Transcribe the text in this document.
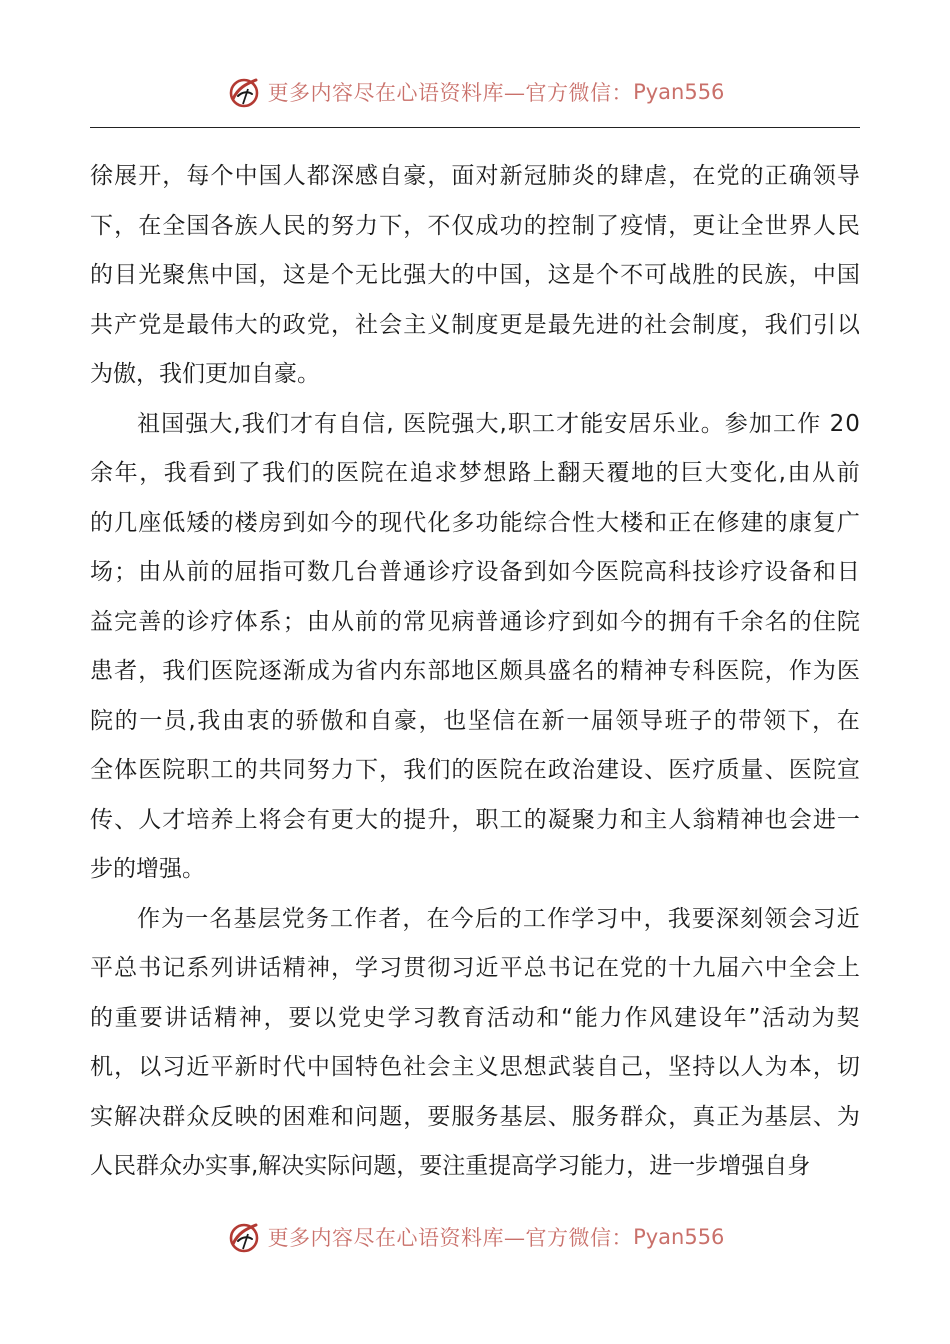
更多内容尽在心语资料库—官方微信： Pyan556
徐 展 开 ， 每 个 中 国 人 都 深 感 自 豪 ， 面 对 新 冠 肺 炎 的 肆 虐 ， 在 党 的 正 确 领 导
下 ， 在 全 国 各 族 人 民 的 努 力 下 ， 不 仅 成 功 的 控 制 了 疫 情 ， 更 让 全 世 界 人 民
的 目 光 聚 焦 中 国 ， 这 是 个 无 比 强 大 的 中 国 ， 这 是 个 不 可 战 胜 的 民 族 ， 中 国
共 产 党 是 最 伟 大 的 政 党 ， 社 会 主 义 制 度 更 是 最 先 进 的 社 会 制 度 ， 我 们 引 以
为傲，我们更加自豪。
祖 国 强 大 , 我 们 才 有 自 信 ,
医 院 强 大 , 职 工 才 能 安 居 乐 业 。 参 加 工 作
2 0
余 年 ， 我 看 到 了 我 们 的 医 院 在 追 求 梦 想 路 上 翻 天 覆 地 的 巨 大 变 化 , 由 从 前
的 几 座 低 矮 的 楼 房 到 如 今 的 现 代 化 多 功 能 综 合 性 大 楼 和 正 在 修 建 的 康 复 广
场 ； 由 从 前 的 屈 指 可 数 几 台 普 通 诊 疗 设 备 到 如 今 医 院 高 科 技 诊 疗 设 备 和 日
益 完 善 的 诊 疗 体 系 ； 由 从 前 的 常 见 病 普 通 诊 疗 到 如 今 的 拥 有 千 余 名 的 住 院
患 者 ， 我 们 医 院 逐 渐 成 为 省 内 东 部 地 区 颇 具 盛 名 的 精 神 专 科 医 院 ， 作 为 医
院 的 一 员 , 我 由 衷 的 骄 傲 和 自 豪 ， 也 坚 信 在 新 一 届 领 导 班 子 的 带 领 下 ， 在
全 体 医 院 职 工 的 共 同 努 力 下 ， 我 们 的 医 院 在 政 治 建 设 、 医 疗 质 量 、 医 院 宣
传 、 人 才 培 养 上 将 会 有 更 大 的 提 升 ， 职 工 的 凝 聚 力 和 主 人 翁 精 神 也 会 进 一
步的增强。
作 为 一 名 基 层 党 务 工 作 者 ， 在 今 后 的 工 作 学 习 中 ， 我 要 深 刻 领 会 习 近
平 总 书 记 系 列 讲 话 精 神 ， 学 习 贯 彻 习 近 平 总 书 记 在 党 的 十 九 届 六 中 全 会 上
的 重 要 讲 话 精 神 ， 要 以 党 史 学 习 教 育 活 动 和 “ 能 力 作 风 建 设 年 ” 活 动 为 契
机 ， 以 习 近 平 新 时 代 中 国 特 色 社 会 主 义 思 想 武 装 自 己 ， 坚 持 以 人 为 本 ， 切
实 解 决 群 众 反 映 的 困 难 和 问 题 ， 要 服 务 基 层 、 服 务 群 众 ， 真 正 为 基 层 、 为
人民群众办实事,解决实际问题，要注重提高学习能力，进一步增强自身
更多内容尽在心语资料库—官方微信： Pyan556
